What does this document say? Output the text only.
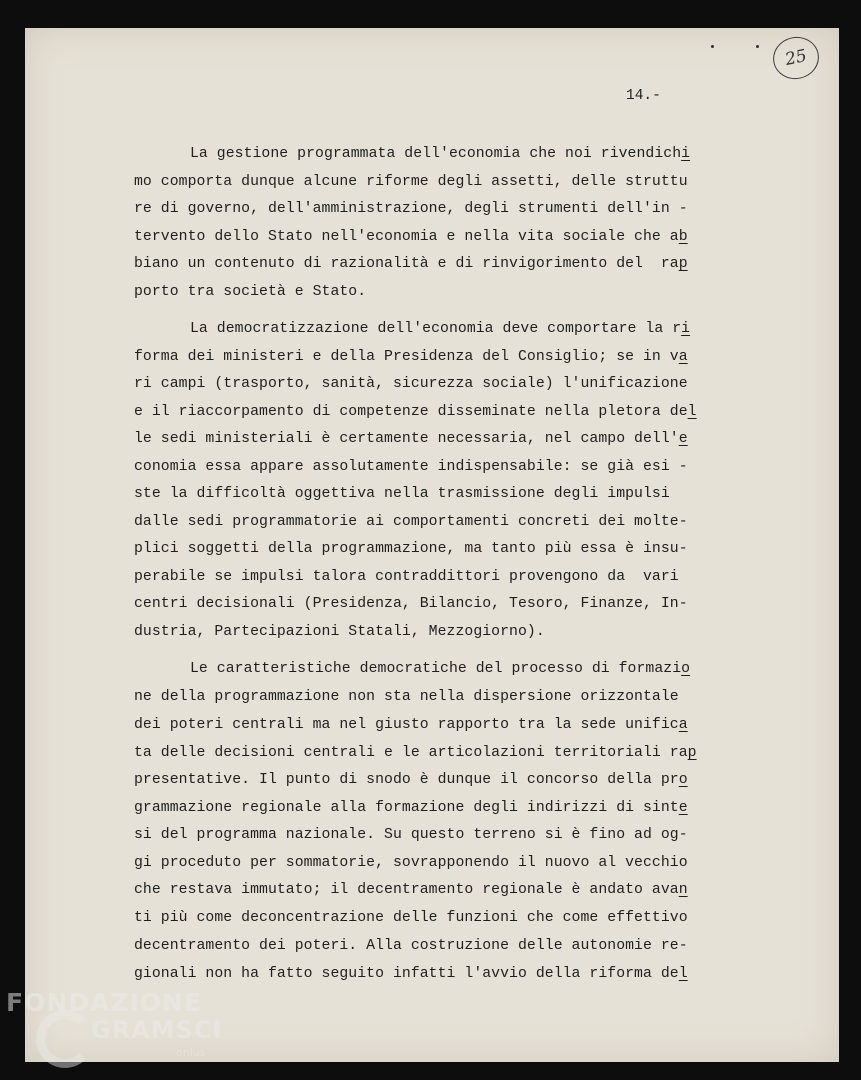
25
14.-
La gestione programmata dell'economia che noi rivendichi
mo comporta dunque alcune riforme degli assetti, delle struttu
re di governo, dell'amministrazione, degli strumenti dell'in -
tervento dello Stato nell'economia e nella vita sociale che ab
biano un contenuto di razionalità e di rinvigorimento del  rap
porto tra società e Stato.
La democratizzazione dell'economia deve comportare la ri
forma dei ministeri e della Presidenza del Consiglio; se in va
ri campi (trasporto, sanità, sicurezza sociale) l'unificazione
e il riaccorpamento di competenze disseminate nella pletora del
le sedi ministeriali è certamente necessaria, nel campo dell'e
conomia essa appare assolutamente indispensabile: se già esi -
ste la difficoltà oggettiva nella trasmissione degli impulsi
dalle sedi programmatorie ai comportamenti concreti dei molte-
plici soggetti della programmazione, ma tanto più essa è insu-
perabile se impulsi talora contraddittori provengono da  vari
centri decisionali (Presidenza, Bilancio, Tesoro, Finanze, In-
dustria, Partecipazioni Statali, Mezzogiorno).
Le caratteristiche democratiche del processo di formazio
ne della programmazione non sta nella dispersione orizzontale
dei poteri centrali ma nel giusto rapporto tra la sede unifica
ta delle decisioni centrali e le articolazioni territoriali rap
presentative. Il punto di snodo è dunque il concorso della pro
grammazione regionale alla formazione degli indirizzi di sinte
si del programma nazionale. Su questo terreno si è fino ad og-
gi proceduto per sommatorie, sovrapponendo il nuovo al vecchio
che restava immutato; il decentramento regionale è andato avan
ti più come deconcentrazione delle funzioni che come effettivo
decentramento dei poteri. Alla costruzione delle autonomie re-
gionali non ha fatto seguito infatti l'avvio della riforma del
FONDAZIONE
GRAMSCI
onlus
